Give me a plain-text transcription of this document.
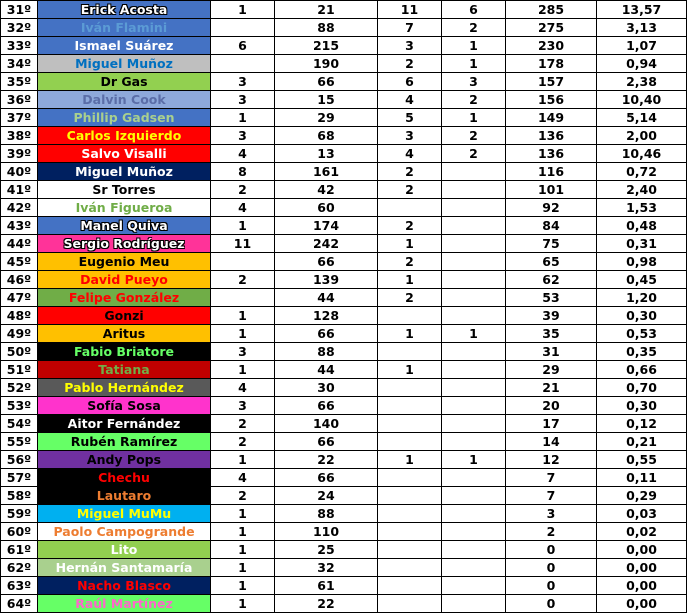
31º	Erick Acosta	1	21	11	6	285	13,57
32º	Iván Flamini		88	7	2	275	3,13
33º	Ismael Suárez	6	215	3	1	230	1,07
34º	Miguel Muñoz		190	2	1	178	0,94
35º	Dr Gas	3	66	6	3	157	2,38
36º	Dalvin Cook	3	15	4	2	156	10,40
37º	Phillip Gadsen	1	29	5	1	149	5,14
38º	Carlos Izquierdo	3	68	3	2	136	2,00
39º	Salvo Visalli	4	13	4	2	136	10,46
40º	Miguel Muñoz	8	161	2		116	0,72
41º	Sr Torres	2	42	2		101	2,40
42º	Iván Figueroa	4	60			92	1,53
43º	Manel Quiva	1	174	2		84	0,48
44º	Sergio Rodríguez	11	242	1		75	0,31
45º	Eugenio Meu		66	2		65	0,98
46º	David Pueyo	2	139	1		62	0,45
47º	Felipe González		44	2		53	1,20
48º	Gonzi	1	128			39	0,30
49º	Aritus	1	66	1	1	35	0,53
50º	Fabio Briatore	3	88			31	0,35
51º	Tatiana	1	44	1		29	0,66
52º	Pablo Hernández	4	30			21	0,70
53º	Sofía Sosa	3	66			20	0,30
54º	Aitor Fernández	2	140			17	0,12
55º	Rubén Ramírez	2	66			14	0,21
56º	Andy Pops	1	22	1	1	12	0,55
57º	Chechu	4	66			7	0,11
58º	Lautaro	2	24			7	0,29
59º	Miguel MuMu	1	88			3	0,03
60º	Paolo Campogrande	1	110			2	0,02
61º	Lito	1	25			0	0,00
62º	Hernán Santamaría	1	32			0	0,00
63º	Nacho Blasco	1	61			0	0,00
64º	Raúl Martínez	1	22			0	0,00
